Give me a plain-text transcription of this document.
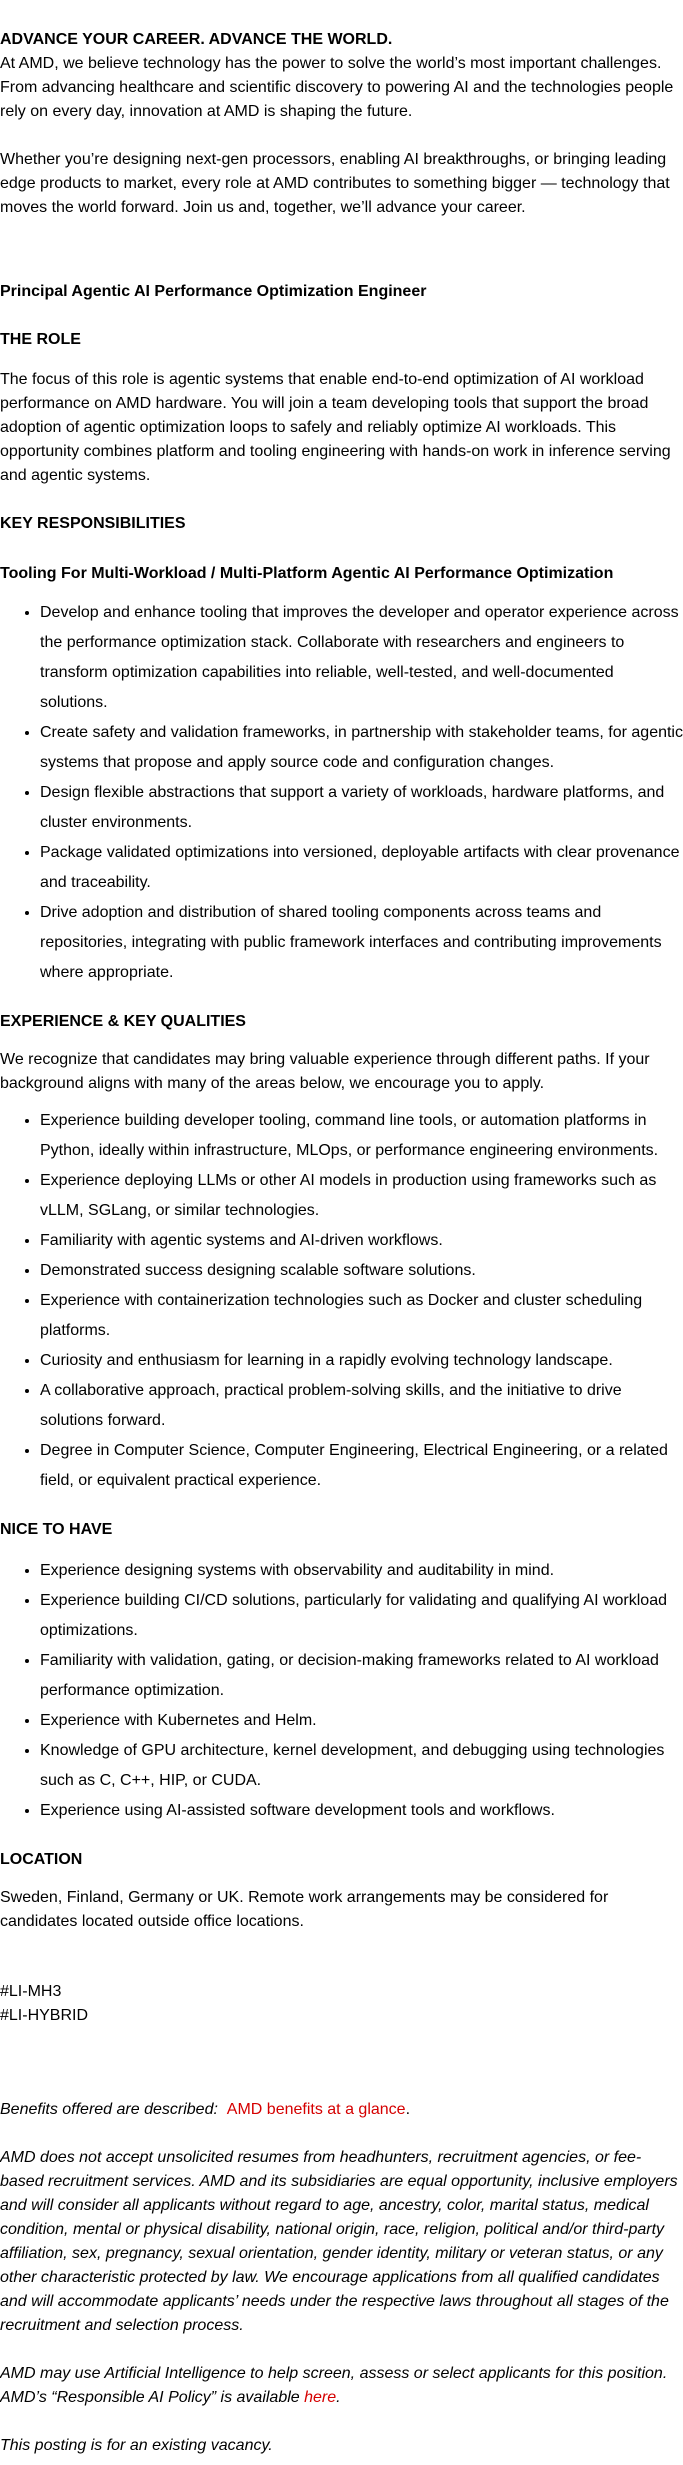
ADVANCE YOUR CAREER. ADVANCE THE WORLD.

At AMD, we believe technology has the power to solve the world’s most important challenges. From advancing healthcare and scientific discovery to powering AI and the technologies people rely on every day, innovation at AMD is shaping the future.

Whether you’re designing next-gen processors, enabling AI breakthroughs, or bringing leading edge products to market, every role at AMD contributes to something bigger — technology that moves the world forward. Join us and, together, we’ll advance your career.

Principal Agentic AI Performance Optimization Engineer

THE ROLE

The focus of this role is agentic systems that enable end-to-end optimization of AI workload performance on AMD hardware. You will join a team developing tools that support the broad adoption of agentic optimization loops to safely and reliably optimize AI workloads. This opportunity combines platform and tooling engineering with hands-on work in inference serving and agentic systems.

KEY RESPONSIBILITIES

Tooling For Multi-Workload / Multi-Platform Agentic AI Performance Optimization

• Develop and enhance tooling that improves the developer and operator experience across the performance optimization stack. Collaborate with researchers and engineers to transform optimization capabilities into reliable, well-tested, and well-documented solutions.
• Create safety and validation frameworks, in partnership with stakeholder teams, for agentic systems that propose and apply source code and configuration changes.
• Design flexible abstractions that support a variety of workloads, hardware platforms, and cluster environments.
• Package validated optimizations into versioned, deployable artifacts with clear provenance and traceability.
• Drive adoption and distribution of shared tooling components across teams and repositories, integrating with public framework interfaces and contributing improvements where appropriate.

EXPERIENCE & KEY QUALITIES

We recognize that candidates may bring valuable experience through different paths. If your background aligns with many of the areas below, we encourage you to apply.

• Experience building developer tooling, command line tools, or automation platforms in Python, ideally within infrastructure, MLOps, or performance engineering environments.
• Experience deploying LLMs or other AI models in production using frameworks such as vLLM, SGLang, or similar technologies.
• Familiarity with agentic systems and AI-driven workflows.
• Demonstrated success designing scalable software solutions.
• Experience with containerization technologies such as Docker and cluster scheduling platforms.
• Curiosity and enthusiasm for learning in a rapidly evolving technology landscape.
• A collaborative approach, practical problem-solving skills, and the initiative to drive solutions forward.
• Degree in Computer Science, Computer Engineering, Electrical Engineering, or a related field, or equivalent practical experience.

NICE TO HAVE

• Experience designing systems with observability and auditability in mind.
• Experience building CI/CD solutions, particularly for validating and qualifying AI workload optimizations.
• Familiarity with validation, gating, or decision-making frameworks related to AI workload performance optimization.
• Experience with Kubernetes and Helm.
• Knowledge of GPU architecture, kernel development, and debugging using technologies such as C, C++, HIP, or CUDA.
• Experience using AI-assisted software development tools and workflows.

LOCATION

Sweden, Finland, Germany or UK. Remote work arrangements may be considered for candidates located outside office locations.

#LI-MH3

#LI-HYBRID

Benefits offered are described: AMD benefits at a glance.

AMD does not accept unsolicited resumes from headhunters, recruitment agencies, or fee-based recruitment services. AMD and its subsidiaries are equal opportunity, inclusive employers and will consider all applicants without regard to age, ancestry, color, marital status, medical condition, mental or physical disability, national origin, race, religion, political and/or third-party affiliation, sex, pregnancy, sexual orientation, gender identity, military or veteran status, or any other characteristic protected by law. We encourage applications from all qualified candidates and will accommodate applicants’ needs under the respective laws throughout all stages of the recruitment and selection process.

AMD may use Artificial Intelligence to help screen, assess or select applicants for this position.

AMD’s “Responsible AI Policy” is available here.

This posting is for an existing vacancy.
